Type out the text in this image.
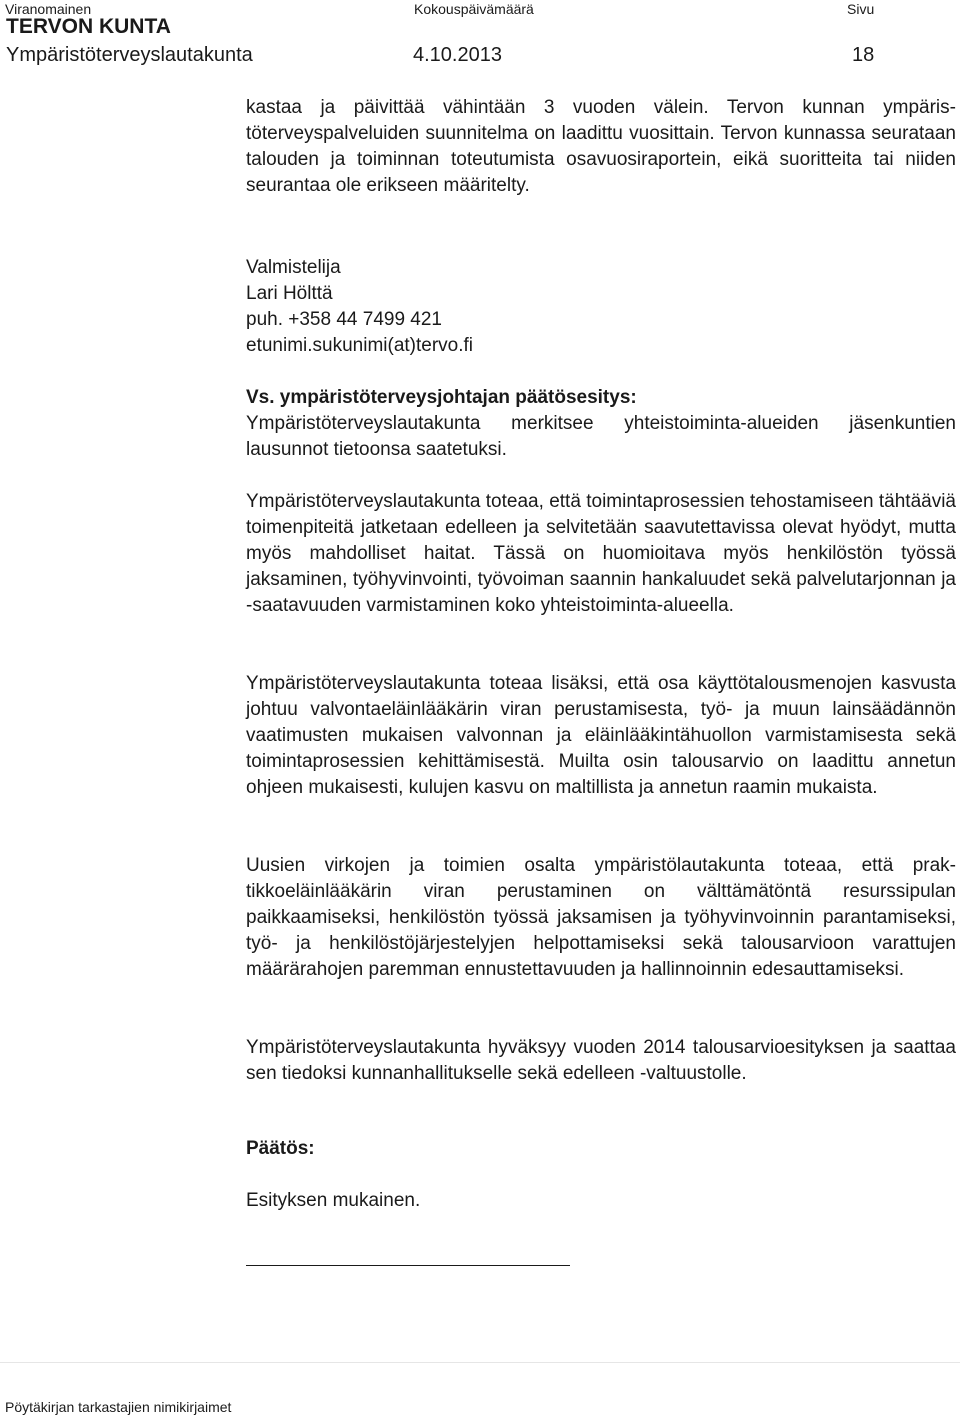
Viranomainen	Kokouspäivämäärä	Sivu
TERVON KUNTA
Ympäristöterveyslautakunta	4.10.2013	18

kastaa ja päivittää vähintään 3 vuoden välein. Tervon kunnan ympäristöterveyspalveluiden suunnitelma on laadittu vuosittain. Tervon kunnassa seurataan talouden ja toiminnan toteutumista osavuosiraportein, eikä suoritteita tai niiden seurantaa ole erikseen määritelty.

Valmistelija
Lari Hölttä
puh. +358 44 7499 421
etunimi.sukunimi(at)tervo.fi
Vs. ympäristöterveysjohtajan päätösesitys:

Ympäristöterveyslautakunta merkitsee yhteistoiminta-alueiden jäsenkuntien lausunnot tietoonsa saatetuksi.

Ympäristöterveyslautakunta toteaa, että toimintaprosessien tehostamiseen tähtääviä toimenpiteitä jatketaan edelleen ja selvitetään saavutettavissa olevat hyödyt, mutta myös mahdolliset haitat. Tässä on huomioitava myös henkilöstön työssä jaksaminen, työhyvinvointi, työvoiman saannin hankaluudet sekä palvelutarjonnan ja -saatavuuden varmistaminen koko yhteistoiminta-alueella.

Ympäristöterveyslautakunta toteaa lisäksi, että osa käyttötalousmenojen kasvusta johtuu valvontaeläinlääkärin viran perustamisesta, työ- ja muun lainsäädännön vaatimusten mukaisen valvonnan ja eläinlääkintähuollon varmistamisesta sekä toimintaprosessien kehittämisestä. Muilta osin talousarvio on laadittu annetun ohjeen mukaisesti, kulujen kasvu on maltillista ja annetun raamin mukaista.

Uusien virkojen ja toimien osalta ympäristölautakunta toteaa, että praktikkoeläinlääkärin viran perustaminen on välttämätöntä resurssipulan paikkaamiseksi, henkilöstön työssä jaksamisen ja työhyvinvoinnin parantamiseksi, työ- ja henkilöstöjärjestelyjen helpottamiseksi sekä talousarvioon varattujen määrärahojen paremman ennustettavuuden ja hallinnoinnin edesauttamiseksi.

Ympäristöterveyslautakunta hyväksyy vuoden 2014 talousarvioesityksen ja saattaa sen tiedoksi kunnanhallitukselle sekä edelleen -valtuustolle.

Päätös:
Esityksen mukainen.
Pöytäkirjan tarkastajien nimikirjaimet
